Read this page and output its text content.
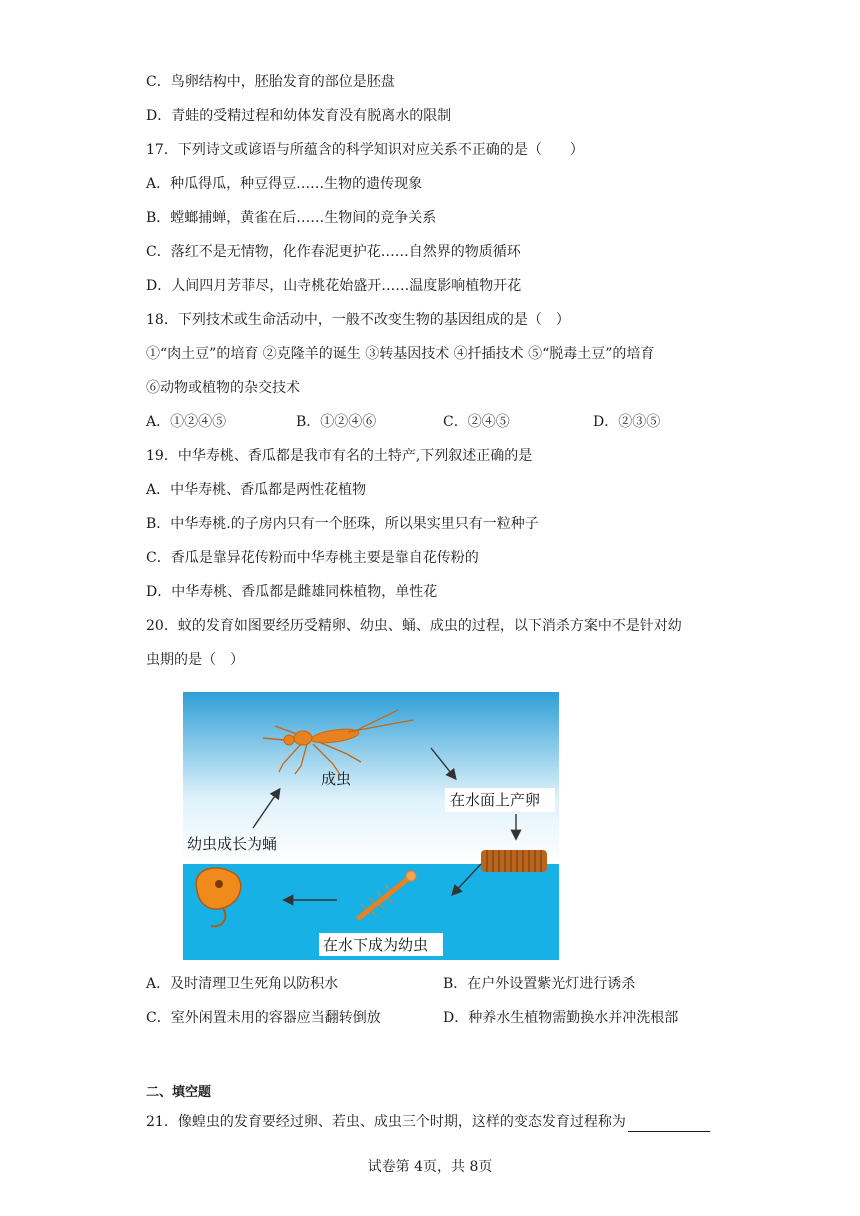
C．鸟卵结构中，胚胎发育的部位是胚盘
D．青蛙的受精过程和幼体发育没有脱离水的限制
17．下列诗文或谚语与所蕴含的科学知识对应关系不正确的是（　　）
A．种瓜得瓜，种豆得豆……生物的遗传现象
B．螳螂捕蝉，黄雀在后……生物间的竞争关系
C．落红不是无情物，化作春泥更护花……自然界的物质循环
D．人间四月芳菲尽，山寺桃花始盛开……温度影响植物开花
18．下列技术或生命活动中，一般不改变生物的基因组成的是（　）
①“肉土豆”的培育 ②克隆羊的诞生 ③转基因技术 ④扦插技术 ⑤“脱毒土豆”的培育
⑥动物或植物的杂交技术
A．①②④⑤	B．①②④⑥	C．②④⑤	D．②③⑤
19．中华寿桃、香瓜都是我市有名的土特产,下列叙述正确的是
A．中华寿桃、香瓜都是两性花植物
B．中华寿桃.的子房内只有一个胚珠，所以果实里只有一粒种子
C．香瓜是靠异花传粉而中华寿桃主要是靠自花传粉的
D．中华寿桃、香瓜都是雌雄同株植物，单性花
20．蚊的发育如图要经历受精卵、幼虫、蛹、成虫的过程，以下消杀方案中不是针对幼
虫期的是（　）
成虫
在水面上产卵
幼虫成长为蛹
在水下成为幼虫
A．及时清理卫生死角以防积水	B．在户外设置紫光灯进行诱杀
C．室外闲置未用的容器应当翻转倒放	D．种养水生植物需勤换水并冲洗根部
二、填空题
21．像蝗虫的发育要经过卵、若虫、成虫三个时期，这样的变态发育过程称为
试卷第 4页，共 8页
